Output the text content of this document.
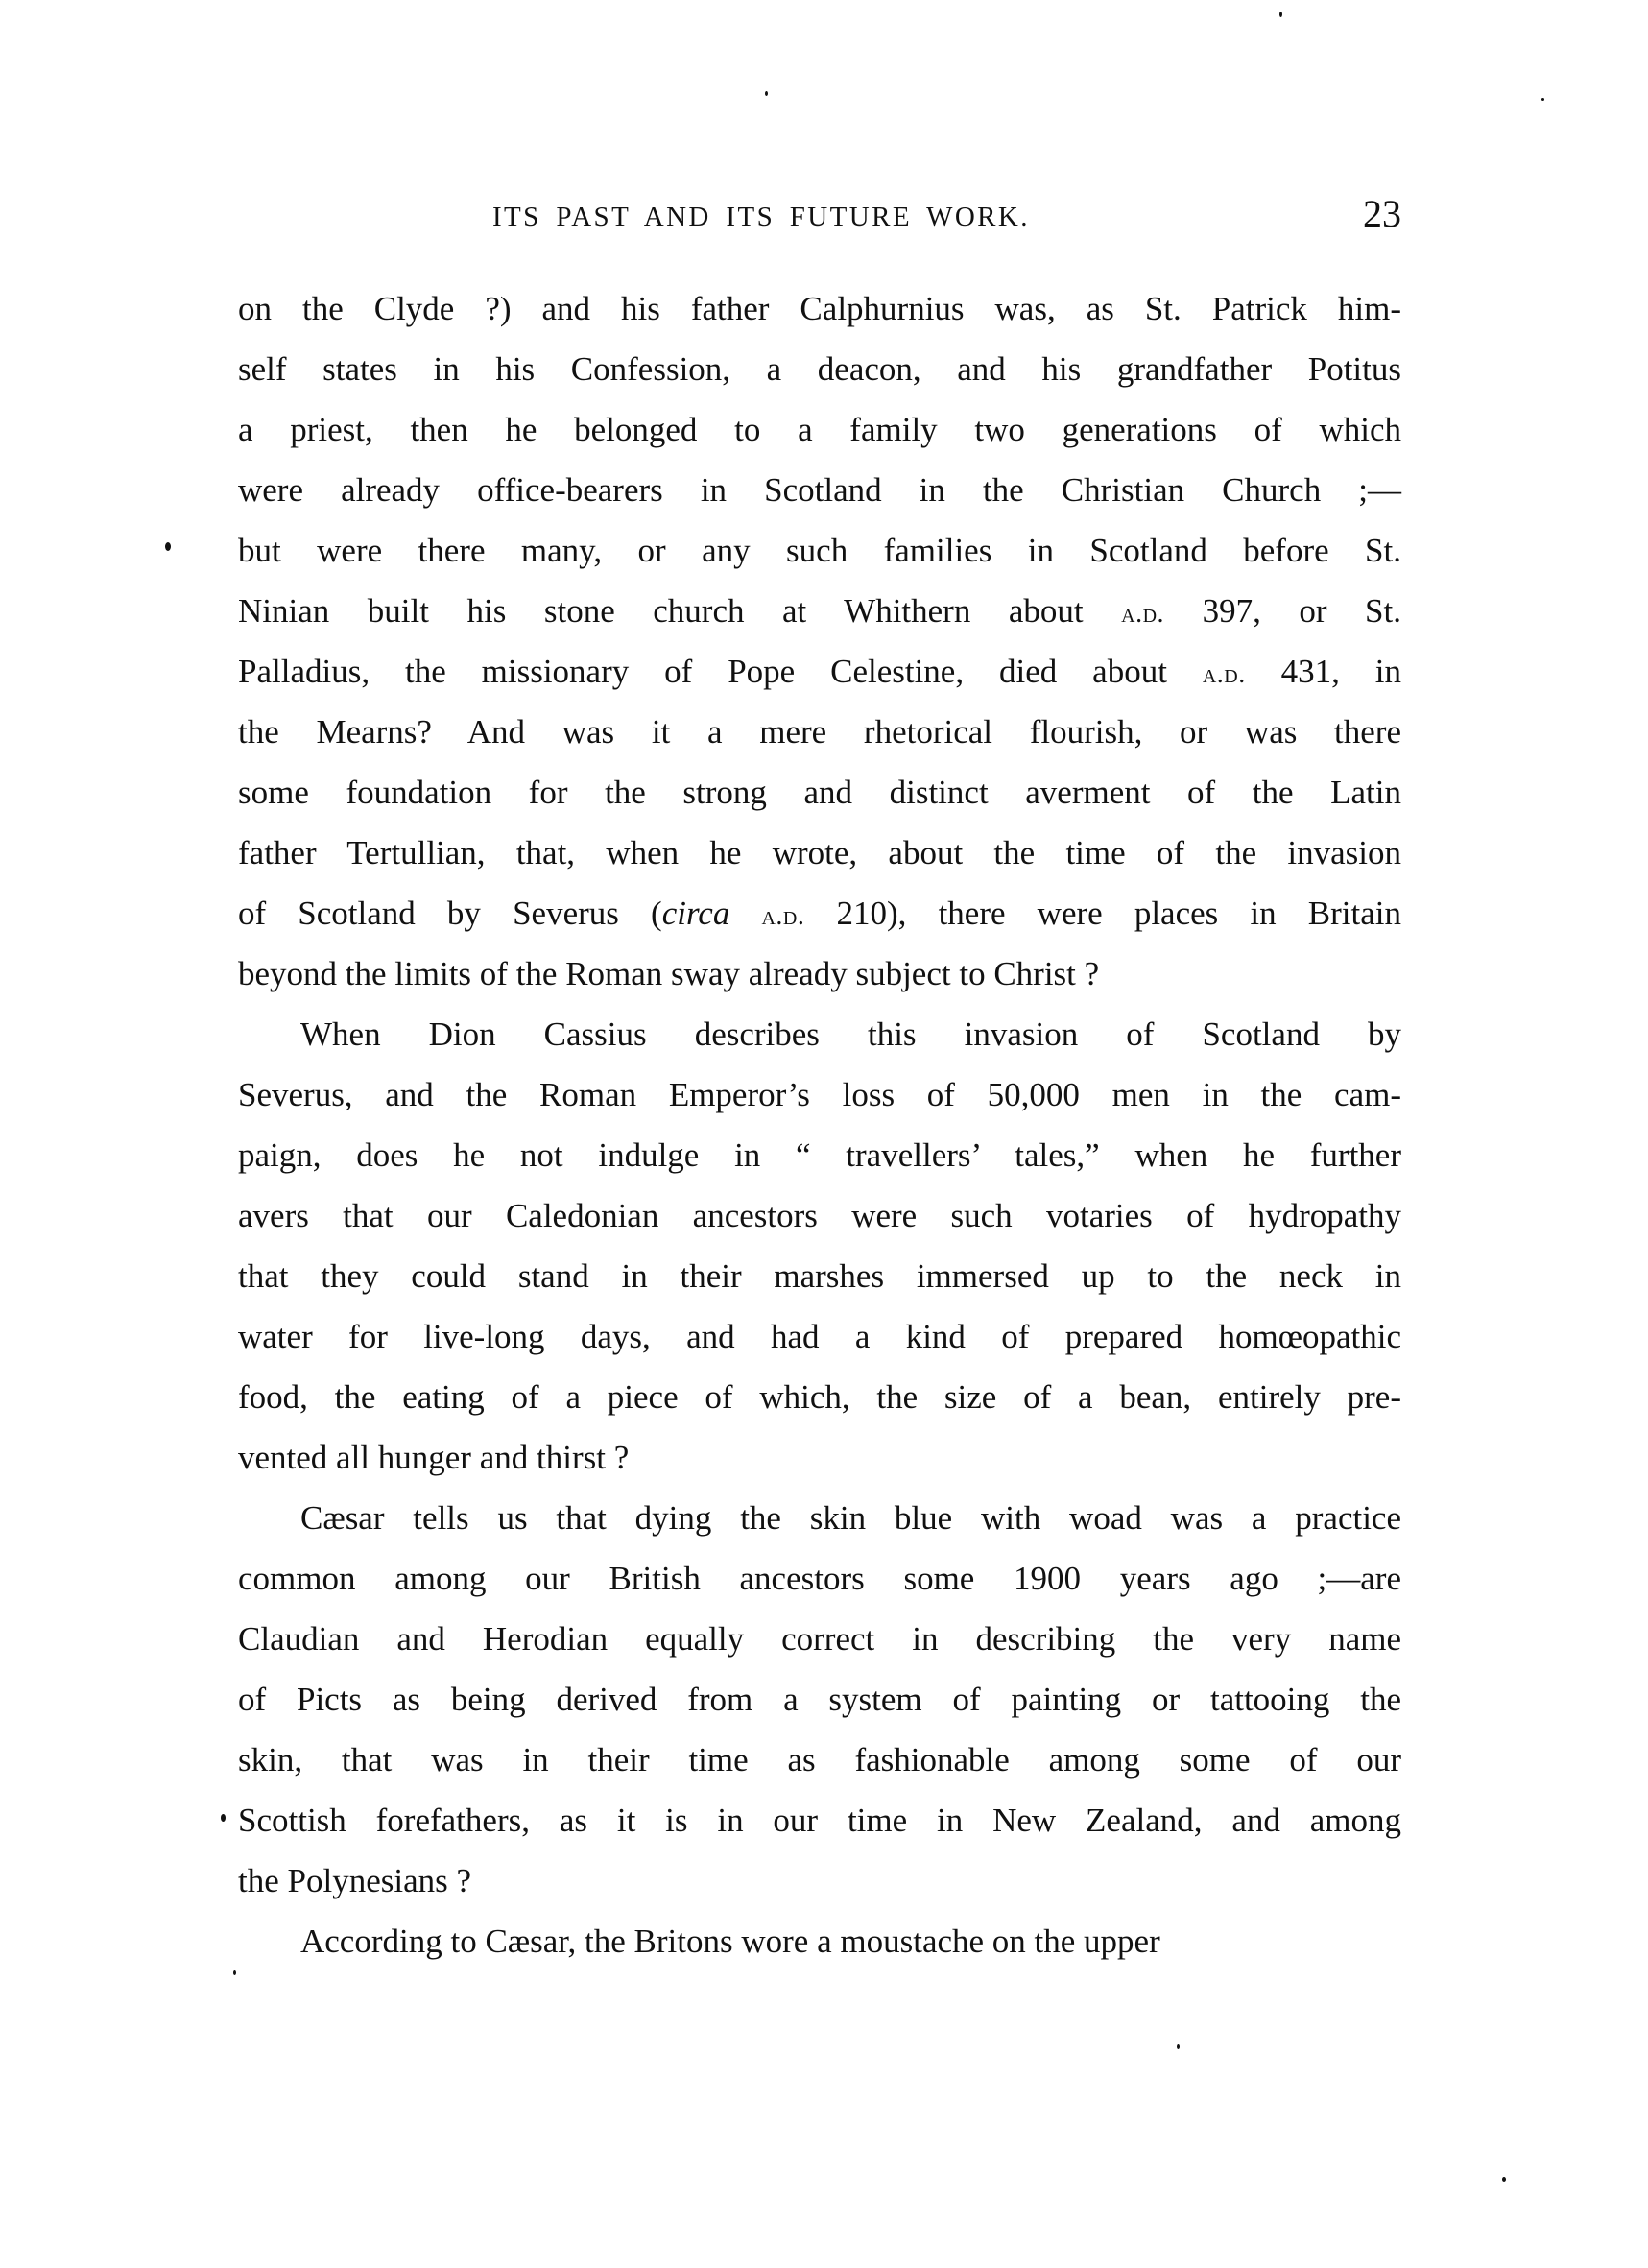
ITS PAST AND ITS FUTURE WORK.	23
on the Clyde ?) and his father Calphurnius was, as St. Patrick him-
self states in his Confession, a deacon, and his grandfather Potitus
a priest, then he belonged to a family two generations of which
were already office-bearers in Scotland in the Christian Church ;—
but were there many, or any such families in Scotland before St.
Ninian built his stone church at Whithern about a.d. 397, or St.
Palladius, the missionary of Pope Celestine, died about a.d. 431, in
the Mearns? And was it a mere rhetorical flourish, or was there
some foundation for the strong and distinct averment of the Latin
father Tertullian, that, when he wrote, about the time of the invasion
of Scotland by Severus (circa a.d. 210), there were places in Britain
beyond the limits of the Roman sway already subject to Christ ?
When Dion Cassius describes this invasion of Scotland by
Severus, and the Roman Emperor’s loss of 50,000 men in the cam-
paign, does he not indulge in “ travellers’ tales,” when he further
avers that our Caledonian ancestors were such votaries of hydropathy
that they could stand in their marshes immersed up to the neck in
water for live-long days, and had a kind of prepared homœopathic
food, the eating of a piece of which, the size of a bean, entirely pre-
vented all hunger and thirst ?
Cæsar tells us that dying the skin blue with woad was a practice
common among our British ancestors some 1900 years ago ;—are
Claudian and Herodian equally correct in describing the very name
of Picts as being derived from a system of painting or tattooing the
skin, that was in their time as fashionable among some of our
Scottish forefathers, as it is in our time in New Zealand, and among
the Polynesians ?
According to Cæsar, the Britons wore a moustache on the upper
